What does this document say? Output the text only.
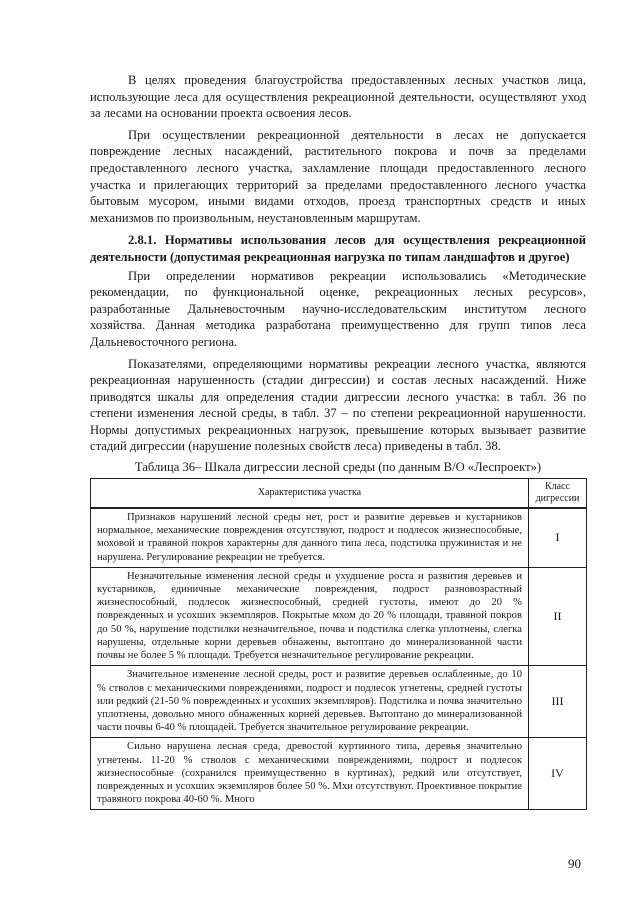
В целях проведения благоустройства предоставленных лесных участков лица, использующие леса для осуществления рекреационной деятельности, осуществляют уход за лесами на основании проекта освоения лесов.

При осуществлении рекреационной деятельности в лесах не допускается повреждение лесных насаждений, растительного покрова и почв за пределами предоставленного лесного участка, захламление площади предоставленного лесного участка и прилегающих территорий за пределами предоставленного лесного участка бытовым мусором, иными видами отходов, проезд транспортных средств и иных механизмов по произвольным, неустановленным маршрутам.

2.8.1. Нормативы использования лесов для осуществления рекреационной деятельности (допустимая рекреационная нагрузка по типам ландшафтов и другое)

При определении нормативов рекреации использовались «Методические рекомендации, по функциональной оценке, рекреационных лесных ресурсов», разработанные Дальневосточным научно-исследовательским институтом лесного хозяйства. Данная методика разработана преимущественно для групп типов леса Дальневосточного региона.

Показателями, определяющими нормативы рекреации лесного участка, являются рекреационная нарушенность (стадии дигрессии) и состав лесных насаждений. Ниже приводятся шкалы для определения стадии дигрессии лесного участка: в табл. 36 по степени изменения лесной среды, в табл. 37 – по степени рекреационной нарушенности. Нормы допустимых рекреационных нагрузок, превышение которых вызывает развитие стадий дигрессии (нарушение полезных свойств леса) приведены в табл. 38.

Таблица 36– Шкала дигрессии лесной среды (по данным В/О «Леспроект»)
Характеристика участка	Класс дигрессии
Признаков нарушений лесной среды нет, рост и развитие деревьев и кустарников нормальное, механические повреждения отсутствуют, подрост и подлесок жизнеспособные, моховой и травяной покров характерны для данного типа леса, подстилка пружинистая и не нарушена. Регулирование рекреации не требуется.	I
Незначительные изменения лесной среды и ухудшение роста и развития деревьев и кустарников, единичные механические повреждения, подрост разновозрастный жизнеспособный, подлесок жизнеспособный, средней густоты, имеют до 20 % поврежденных и усохших экземпляров. Покрытые мхом до 20 % площади, травяной покров до 50 %, нарушение подстилки незначительное, почва и подстилка слегка уплотнены, слегка нарушены, отдельные корни деревьев обнажены, вытоптано до минерализованной части почвы не более 5 % площади. Требуется незначительное регулирование рекреации.	II
Значительное изменение лесной среды, рост и развитие деревьев ослабленные, до 10 % стволов с механическими повреждениями, подрост и подлесок угнетены, средней густоты или редкий (21-50 % поврежденных и усохших экземпляров). Подстилка и почва значительно уплотнены, довольно много обнаженных корней деревьев. Вытоптано до минерализованной части почвы 6-40 % площадей. Требуется значительное регулирование рекреации.	III
Сильно нарушена лесная среда, древостой куртинного типа, деревья значительно угнетены. 11-20 % стволов с механическими повреждениями, подрост и подлесок жизнеспособные (сохранился преимущественно в куртинах), редкий или отсутствует, поврежденных и усохших экземпляров более 50 %. Мхи отсутствуют. Проективное покрытие травяного покрова 40-60 %. Много	IV
90
